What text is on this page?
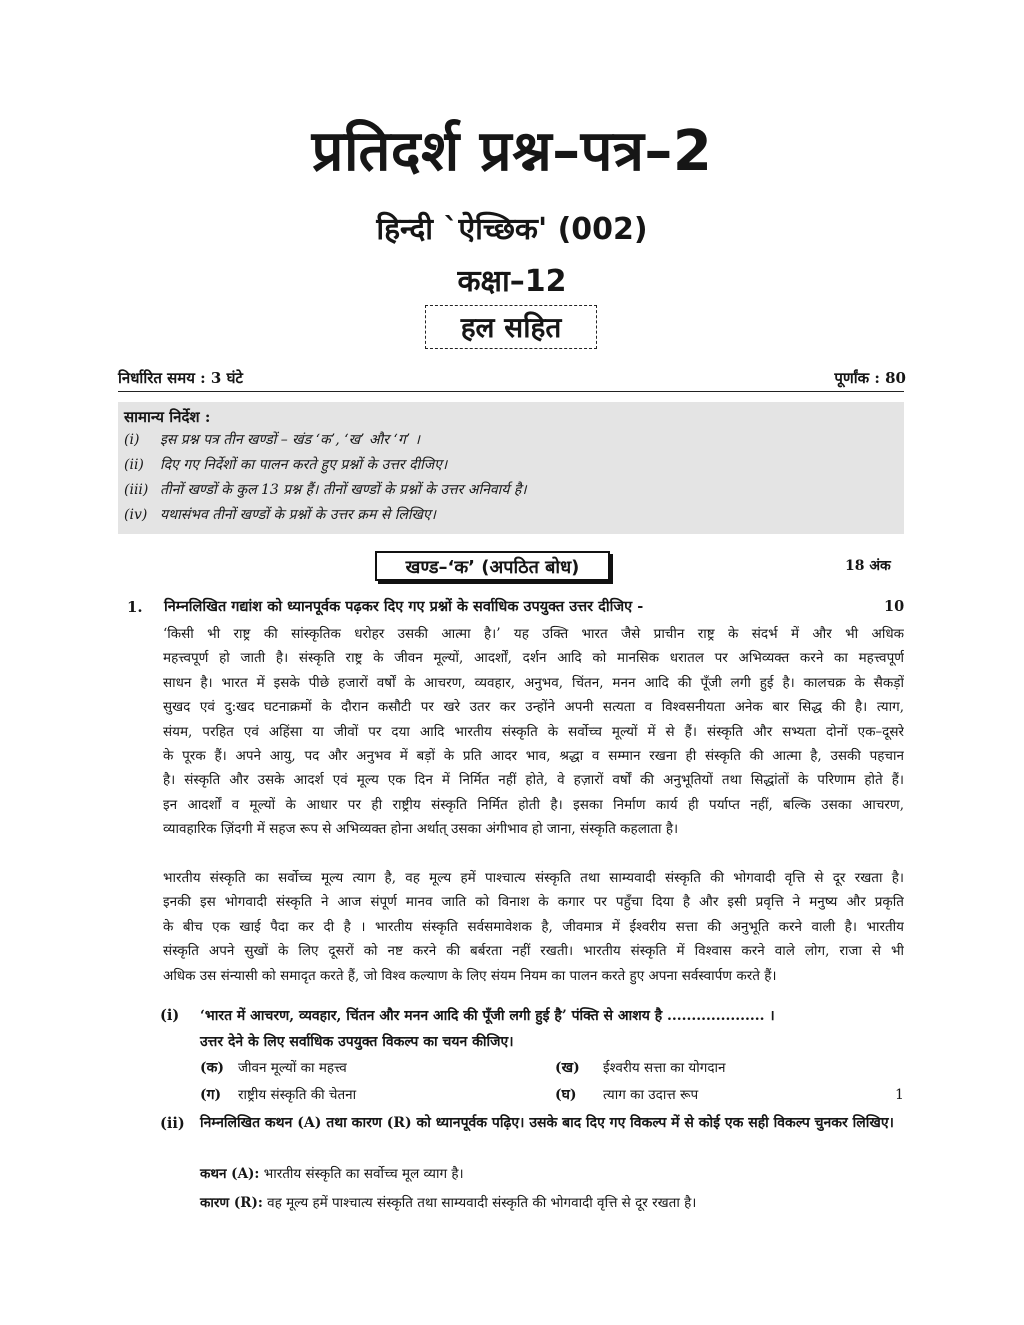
प्रतिदर्श प्रश्न–पत्र–2
हिन्दी `ऐच्छिक' (002)
कक्षा–12
हल सहित
निर्धारित समय : 3 घंटे	पूर्णांक : 80
सामान्य निर्देश :
(i)	इस प्रश्न पत्र तीन खण्डों – खंड ‘क’, ‘ख’ और ‘ग’ ।
(ii)	दिए गए निर्देशों का पालन करते हुए प्रश्नों के उत्तर दीजिए।
(iii) तीनों खण्डों के कुल 13 प्रश्न हैं। तीनों खण्डों के प्रश्नों के उत्तर अनिवार्य है।
(iv) यथासंभव तीनों खण्डों के प्रश्नों के उत्तर क्रम से लिखिए।
खण्ड–‘क’ (अपठित बोध)	18 अंक
1. निम्नलिखित गद्यांश को ध्यानपूर्वक पढ़कर दिए गए प्रश्नों के सर्वाधिक उपयुक्त उत्तर दीजिए -	10
‘किसी भी राष्ट्र की सांस्कृतिक धरोहर उसकी आत्मा है।’ यह उक्ति भारत जैसे प्राचीन राष्ट्र के संदर्भ में और भी अधिक
महत्त्वपूर्ण हो जाती है। संस्कृति राष्ट्र के जीवन मूल्यों, आदर्शों, दर्शन आदि को मानसिक धरातल पर अभिव्यक्त करने का महत्त्वपूर्ण
साधन है। भारत में इसके पीछे हजारों वर्षों के आचरण, व्यवहार, अनुभव, चिंतन, मनन आदि की पूँजी लगी हुई है। कालचक्र के सैकड़ों
सुखद एवं दु:खद घटनाक्रमों के दौरान कसौटी पर खरे उतर कर उन्होंने अपनी सत्यता व विश्वसनीयता अनेक बार सिद्ध की है। त्याग,
संयम, परहित एवं अहिंसा या जीवों पर दया आदि भारतीय संस्कृति के सर्वोच्च मूल्यों में से हैं। संस्कृति और सभ्यता दोनों एक–दूसरे
के पूरक हैं। अपने आयु, पद और अनुभव में बड़ों के प्रति आदर भाव, श्रद्धा व सम्मान रखना ही संस्कृति की आत्मा है, उसकी पहचान
है। संस्कृति और उसके आदर्श एवं मूल्य एक दिन में निर्मित नहीं होते, वे हज़ारों वर्षों की अनुभूतियों तथा सिद्धांतों के परिणाम होते हैं।
इन आदर्शों व मूल्यों के आधार पर ही राष्ट्रीय संस्कृति निर्मित होती है। इसका निर्माण कार्य ही पर्याप्त नहीं, बल्कि उसका आचरण,
व्यावहारिक ज़िंदगी में सहज रूप से अभिव्यक्त होना अर्थात् उसका अंगीभाव हो जाना, संस्कृति कहलाता है।
भारतीय संस्कृति का सर्वोच्च मूल्य त्याग है, वह मूल्य हमें पाश्चात्य संस्कृति तथा साम्यवादी संस्कृति की भोगवादी वृत्ति से दूर रखता है।
इनकी इस भोगवादी संस्कृति ने आज संपूर्ण मानव जाति को विनाश के कगार पर पहुँचा दिया है और इसी प्रवृत्ति ने मनुष्य और प्रकृति
के बीच एक खाई पैदा कर दी है । भारतीय संस्कृति सर्वसमावेशक है, जीवमात्र में ईश्वरीय सत्ता की अनुभूति करने वाली है। भारतीय
संस्कृति अपने सुखों के लिए दूसरों को नष्ट करने की बर्बरता नहीं रखती। भारतीय संस्कृति में विश्वास करने वाले लोग, राजा से भी
अधिक उस संन्यासी को समादृत करते हैं, जो विश्व कल्याण के लिए संयम नियम का पालन करते हुए अपना सर्वस्वार्पण करते हैं।
(i) ‘भारत में आचरण, व्यवहार, चिंतन और मनन आदि की पूँजी लगी हुई है’ पंक्ति से आशय है .................... ।
उत्तर देने के लिए सर्वाधिक उपयुक्त विकल्प का चयन कीजिए।
(क) जीवन मूल्यों का महत्त्व	(ख) ईश्वरीय सत्ता का योगदान
(ग) राष्ट्रीय संस्कृति की चेतना	(घ) त्याग का उदात्त रूप	1
(ii) निम्नलिखित कथन (A) तथा कारण (R) को ध्यानपूर्वक पढ़िए। उसके बाद दिए गए विकल्प में से कोई एक सही विकल्प चुनकर लिखिए।
कथन (A): भारतीय संस्कृति का सर्वोच्च मूल व्याग है।
कारण (R): वह मूल्य हमें पाश्चात्य संस्कृति तथा साम्यवादी संस्कृति की भोगवादी वृत्ति से दूर रखता है।
